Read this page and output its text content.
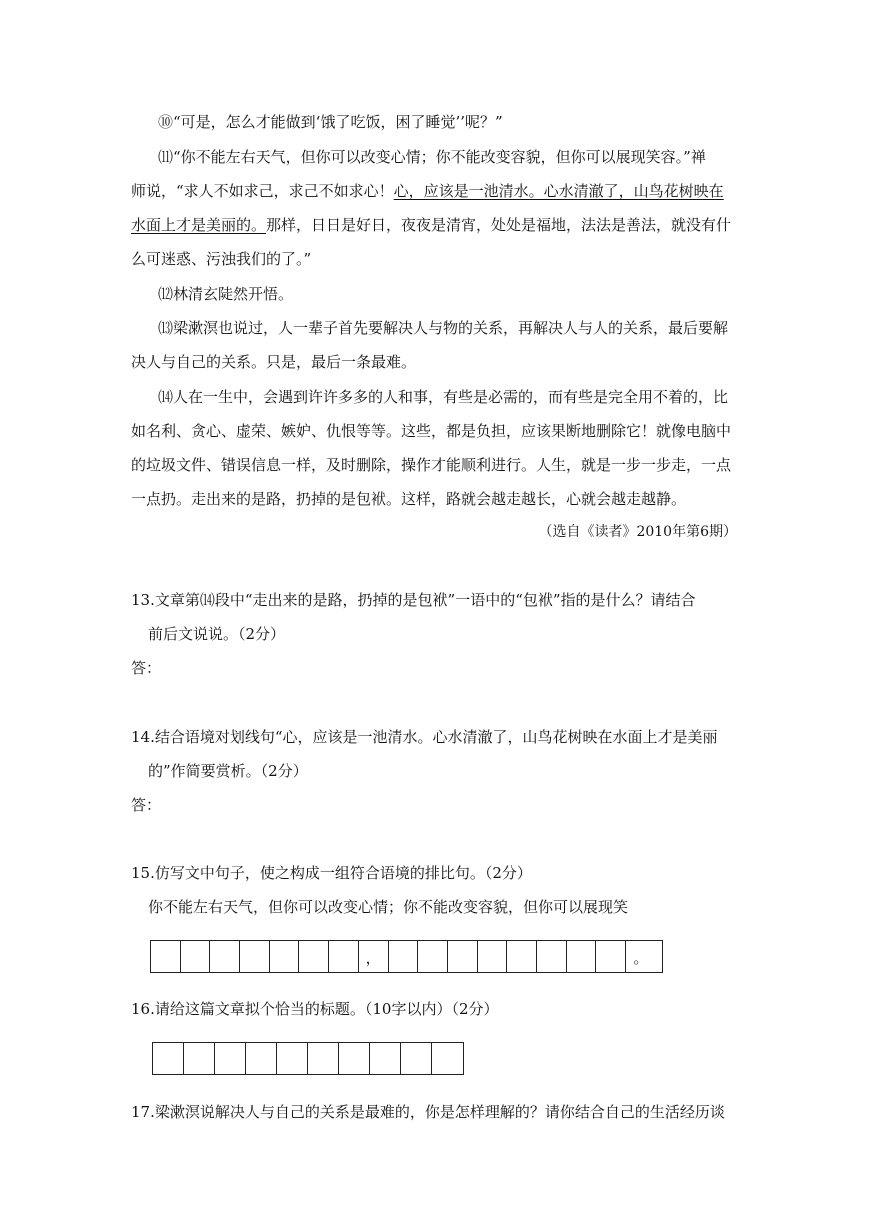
⑩“可是，怎么才能做到‘饿了吃饭，困了睡觉’’呢？”
⑾“你不能左右天气，但你可以改变心情；你不能改变容貌，但你可以展现笑容。”禅
师说，“求人不如求己，求己不如求心！心，应该是一池清水。心水清澈了，山鸟花树映在
水面上才是美丽的。那样，日日是好日，夜夜是清宵，处处是福地，法法是善法，就没有什
么可迷惑、污浊我们的了。”
⑿林清玄陡然开悟。
⒀梁漱溟也说过，人一辈子首先要解决人与物的关系，再解决人与人的关系，最后要解
决人与自己的关系。只是，最后一条最难。
⒁人在一生中，会遇到许许多多的人和事，有些是必需的，而有些是完全用不着的，比
如名利、贪心、虚荣、嫉妒、仇恨等等。这些，都是负担，应该果断地删除它！就像电脑中
的垃圾文件、错误信息一样，及时删除，操作才能顺利进行。人生，就是一步一步走，一点
一点扔。走出来的是路，扔掉的是包袱。这样，路就会越走越长，心就会越走越静。
（选自《读者》2010年第6期）
13.文章第⒁段中“走出来的是路，扔掉的是包袱”一语中的“包袱”指的是什么？请结合
前后文说说。（2分）
答：
14.结合语境对划线句“心，应该是一池清水。心水清澈了，山鸟花树映在水面上才是美丽
的”作简要赏析。（2分）
答：
15.仿写文中句子，使之构成一组符合语境的排比句。（2分）
你不能左右天气，但你可以改变心情；你不能改变容貌，但你可以展现笑
，	。
16.请给这篇文章拟个恰当的标题。（10字以内）（2分）
17.梁漱溟说解决人与自己的关系是最难的，你是怎样理解的？请你结合自己的生活经历谈
